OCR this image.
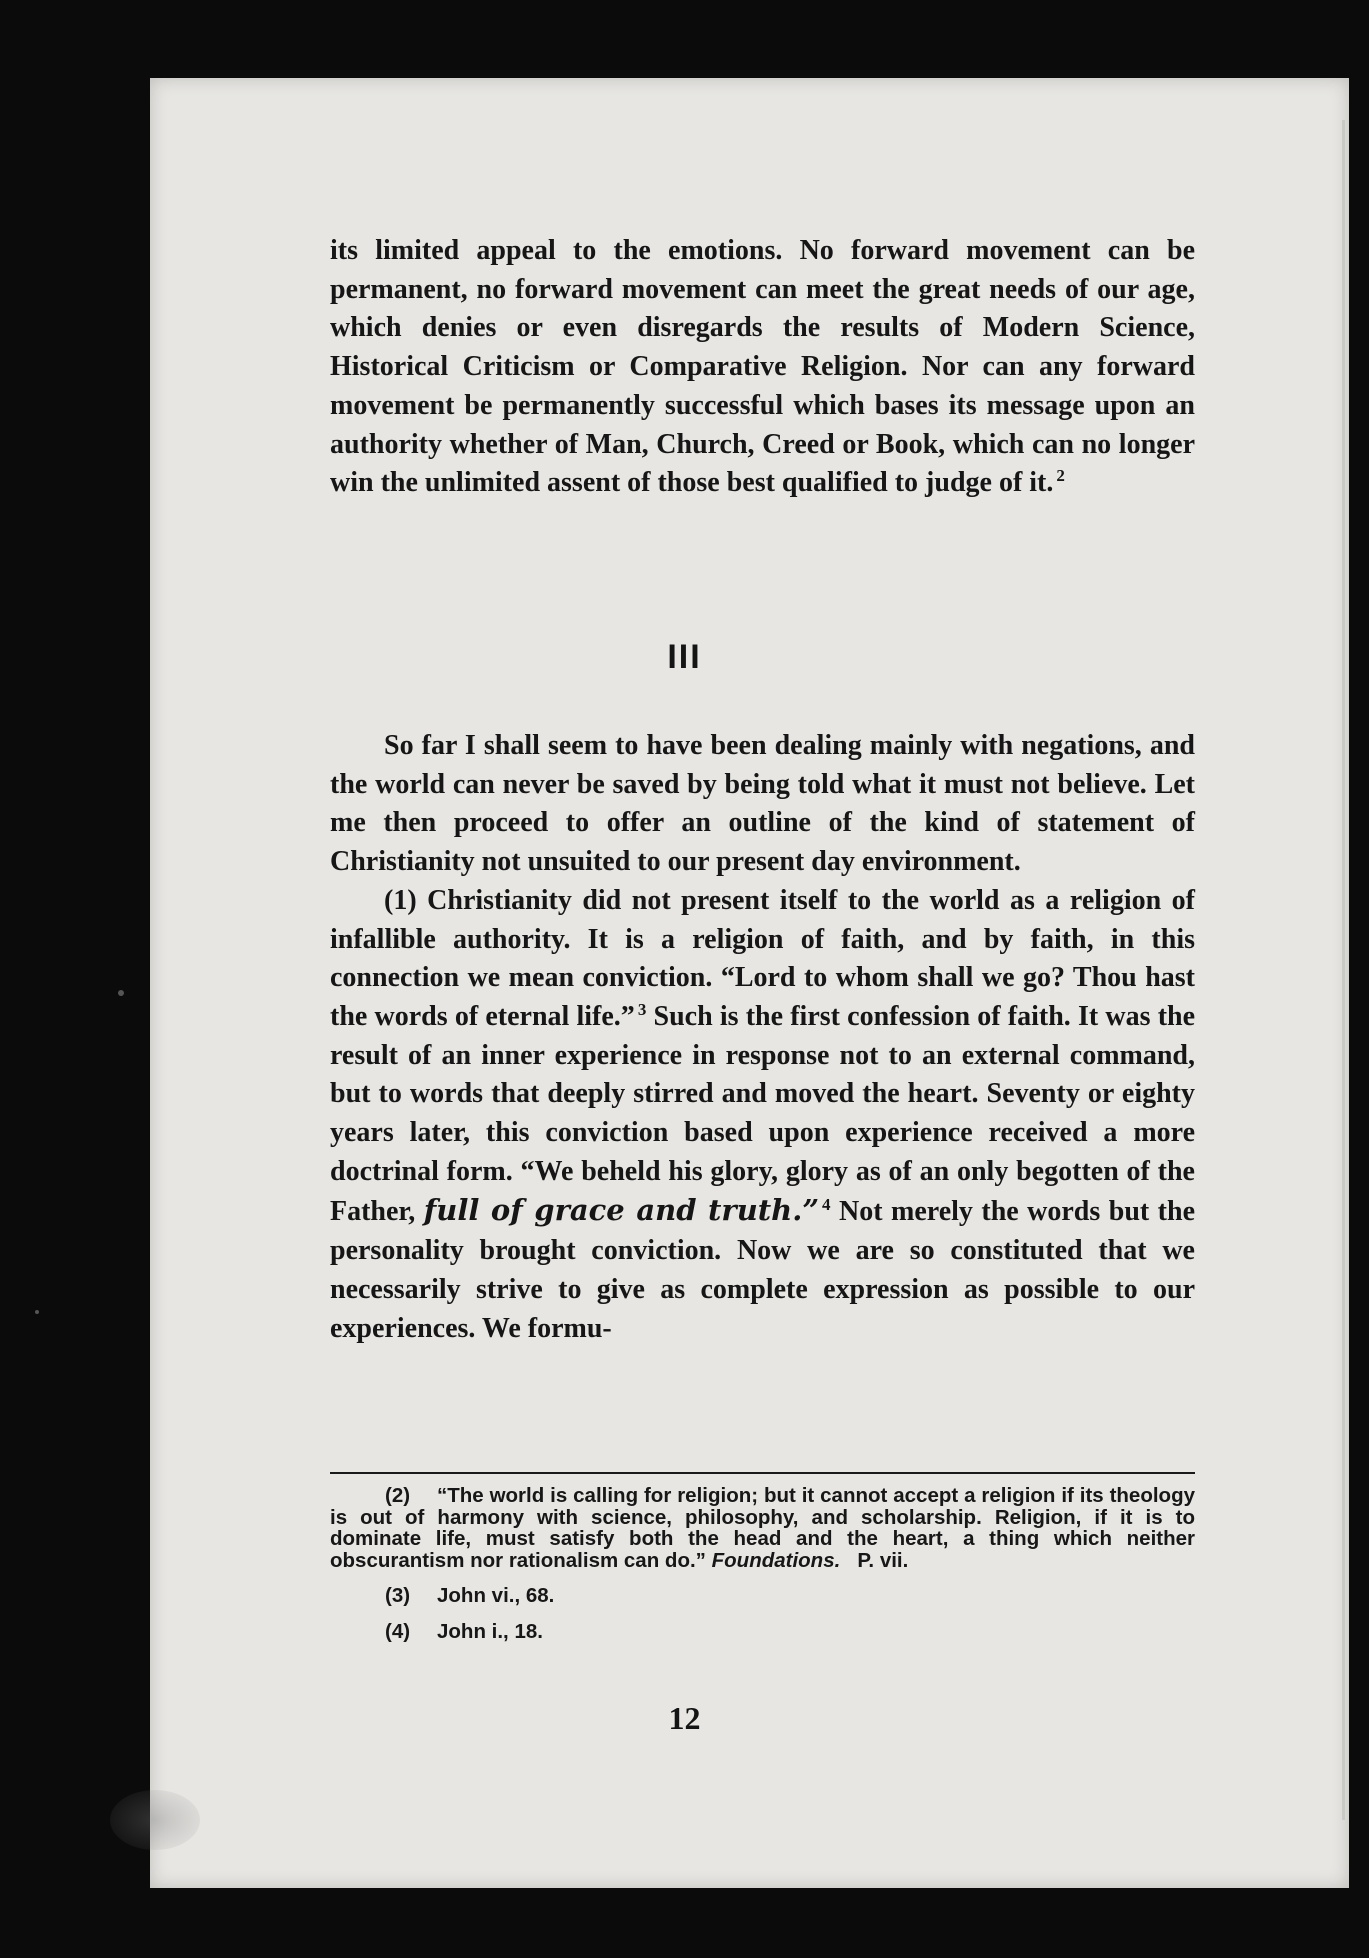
its limited appeal to the emotions. No forward movement can be permanent, no forward movement can meet the great needs of our age, which denies or even disregards the results of Modern Science, Historical Criticism or Comparative Religion. Nor can any forward movement be permanently successful which bases its message upon an authority whether of Man, Church, Creed or Book, which can no longer win the unlimited assent of those best qualified to judge of it. $^2$

III

So far I shall seem to have been dealing mainly with negations, and the world can never be saved by being told what it must not believe. Let me then proceed to offer an outline of the kind of statement of Christianity not unsuited to our present day environment.

(1) Christianity did not present itself to the world as a religion of infallible authority. It is a religion of faith, and by faith, in this connection we mean conviction. “Lord to whom shall we go? Thou hast the words of eternal life.” $^3$ Such is the first confession of faith. It was the result of an inner experience in response not to an external command, but to words that deeply stirred and moved the heart. Seventy or eighty years later, this conviction based upon experience received a more doctrinal form. “We beheld his glory, glory as of an only begotten of the Father, full of grace and truth.” $^4$ Not merely the words but the personality brought conviction. Now we are so constituted that we necessarily strive to give as complete expression as possible to our experiences. We formu-

(2) “The world is calling for religion; but it cannot accept a religion if its theology is out of harmony with science, philosophy, and scholarship. Religion, if it is to dominate life, must satisfy both the head and the heart, a thing which neither obscurantism nor rationalism can do.” Foundations. P. vii.

(3) John vi., 68.

(4) John i., 18.

12
